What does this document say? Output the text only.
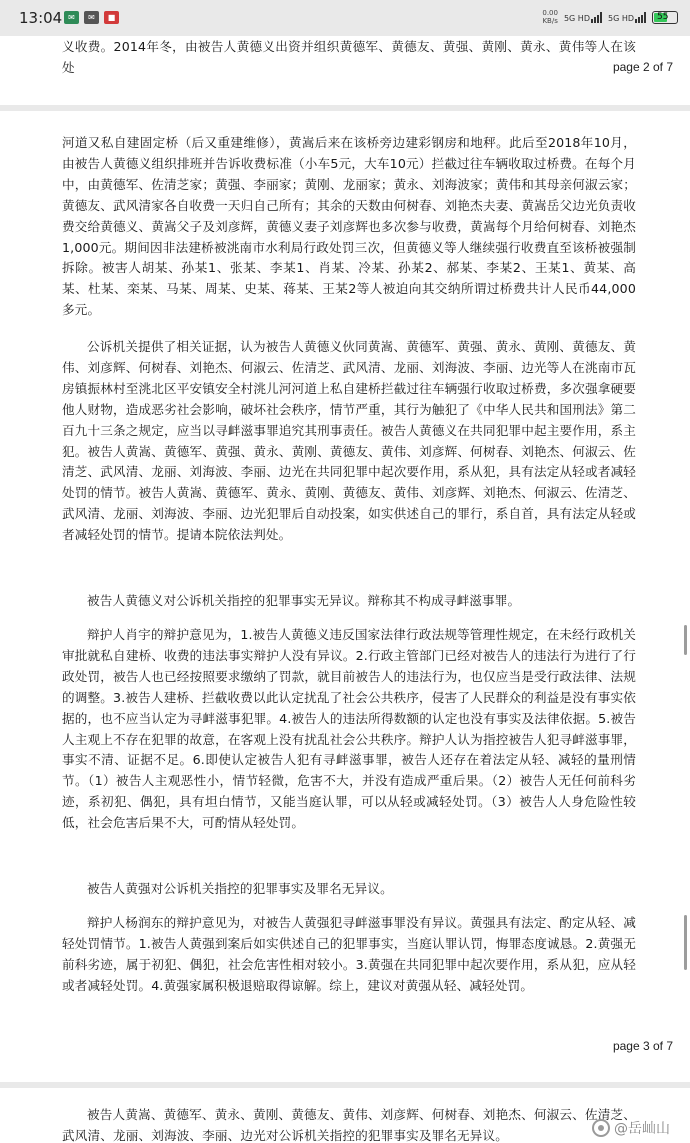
13:04 ✉	✉	■	0.00
KB/s 5G HD 5G HD	55

义收费。2014年冬，由被告人黄德义出资并组织黄德军、黄德友、黄强、黄刚、黄永、黄伟等人在该处	page 2 of 7

河道又私自建固定桥（后又重建维修），黄嵩后来在该桥旁边建彩钢房和地秤。此后至2018年10月，由被告人黄德义组织排班并告诉收费标准（小车5元，大车10元）拦截过往车辆收取过桥费。在每个月中，由黄德军、佐清芝家；黄强、李丽家；黄刚、龙丽家；黄永、刘海波家；黄伟和其母亲何淑云家；黄德友、武风清家各自收费一天归自己所有；其余的天数由何树春、刘艳杰夫妻、黄嵩岳父边光负责收费交给黄德义、黄嵩父子及刘彦辉，黄德义妻子刘彦辉也多次参与收费，黄嵩每个月给何树春、刘艳杰1,000元。期间因非法建桥被洮南市水利局行政处罚三次，但黄德义等人继续强行收费直至该桥被强制拆除。被害人胡某、孙某1、张某、李某1、肖某、冷某、孙某2、郝某、李某2、王某1、黄某、高某、杜某、栾某、马某、周某、史某、蒋某、王某2等人被迫向其交纳所谓过桥费共计人民币44,000多元。

公诉机关提供了相关证据，认为被告人黄德义伙同黄嵩、黄德军、黄强、黄永、黄刚、黄德友、黄伟、刘彦辉、何树春、刘艳杰、何淑云、佐清芝、武风清、龙丽、刘海波、李丽、边光等人在洮南市瓦房镇振林村至洮北区平安镇安全村洮儿河河道上私自建桥拦截过往车辆强行收取过桥费，多次强拿硬要他人财物，造成恶劣社会影响，破坏社会秩序，情节严重，其行为触犯了《中华人民共和国刑法》第二百九十三条之规定，应当以寻衅滋事罪追究其刑事责任。被告人黄德义在共同犯罪中起主要作用，系主犯。被告人黄嵩、黄德军、黄强、黄永、黄刚、黄德友、黄伟、刘彦辉、何树春、刘艳杰、何淑云、佐清芝、武风清、龙丽、刘海波、李丽、边光在共同犯罪中起次要作用，系从犯，具有法定从轻或者减轻处罚的情节。被告人黄嵩、黄德军、黄永、黄刚、黄德友、黄伟、刘彦辉、刘艳杰、何淑云、佐清芝、武风清、龙丽、刘海波、李丽、边光犯罪后自动投案，如实供述自己的罪行，系自首，具有法定从轻或者减轻处罚的情节。提请本院依法判处。

被告人黄德义对公诉机关指控的犯罪事实无异议。辩称其不构成寻衅滋事罪。

辩护人肖宇的辩护意见为，1.被告人黄德义违反国家法律行政法规等管理性规定，在未经行政机关审批就私自建桥、收费的违法事实辩护人没有异议。2.行政主管部门已经对被告人的违法行为进行了行政处罚，被告人也已经按照要求缴纳了罚款，就目前被告人的违法行为，也仅应当是受行政法律、法规的调整。3.被告人建桥、拦截收费以此认定扰乱了社会公共秩序，侵害了人民群众的利益是没有事实依据的，也不应当认定为寻衅滋事犯罪。4.被告人的违法所得数额的认定也没有事实及法律依据。5.被告人主观上不存在犯罪的故意，在客观上没有扰乱社会公共秩序。辩护人认为指控被告人犯寻衅滋事罪，事实不清、证据不足。6.即使认定被告人犯有寻衅滋事罪，被告人还存在着法定从轻、减轻的量刑情节。（1）被告人主观恶性小，情节轻微，危害不大，并没有造成严重后果。（2）被告人无任何前科劣迹，系初犯、偶犯，具有坦白情节，又能当庭认罪，可以从轻或减轻处罚。（3）被告人人身危险性较低，社会危害后果不大，可酌情从轻处罚。

被告人黄强对公诉机关指控的犯罪事实及罪名无异议。

辩护人杨润东的辩护意见为，对被告人黄强犯寻衅滋事罪没有异议。黄强具有法定、酌定从轻、减轻处罚情节。1.被告人黄强到案后如实供述自己的犯罪事实，当庭认罪认罚，悔罪态度诚恳。2.黄强无前科劣迹，属于初犯、偶犯，社会危害性相对较小。3.黄强在共同犯罪中起次要作用，系从犯，应从轻或者减轻处罚。4.黄强家属积极退赔取得谅解。综上，建议对黄强从轻、减轻处罚。

page 3 of 7

被告人黄嵩、黄德军、黄永、黄刚、黄德友、黄伟、刘彦辉、何树春、刘艳杰、何淑云、佐清芝、武风清、龙丽、刘海波、李丽、边光对公诉机关指控的犯罪事实及罪名无异议。	@岳屾山
